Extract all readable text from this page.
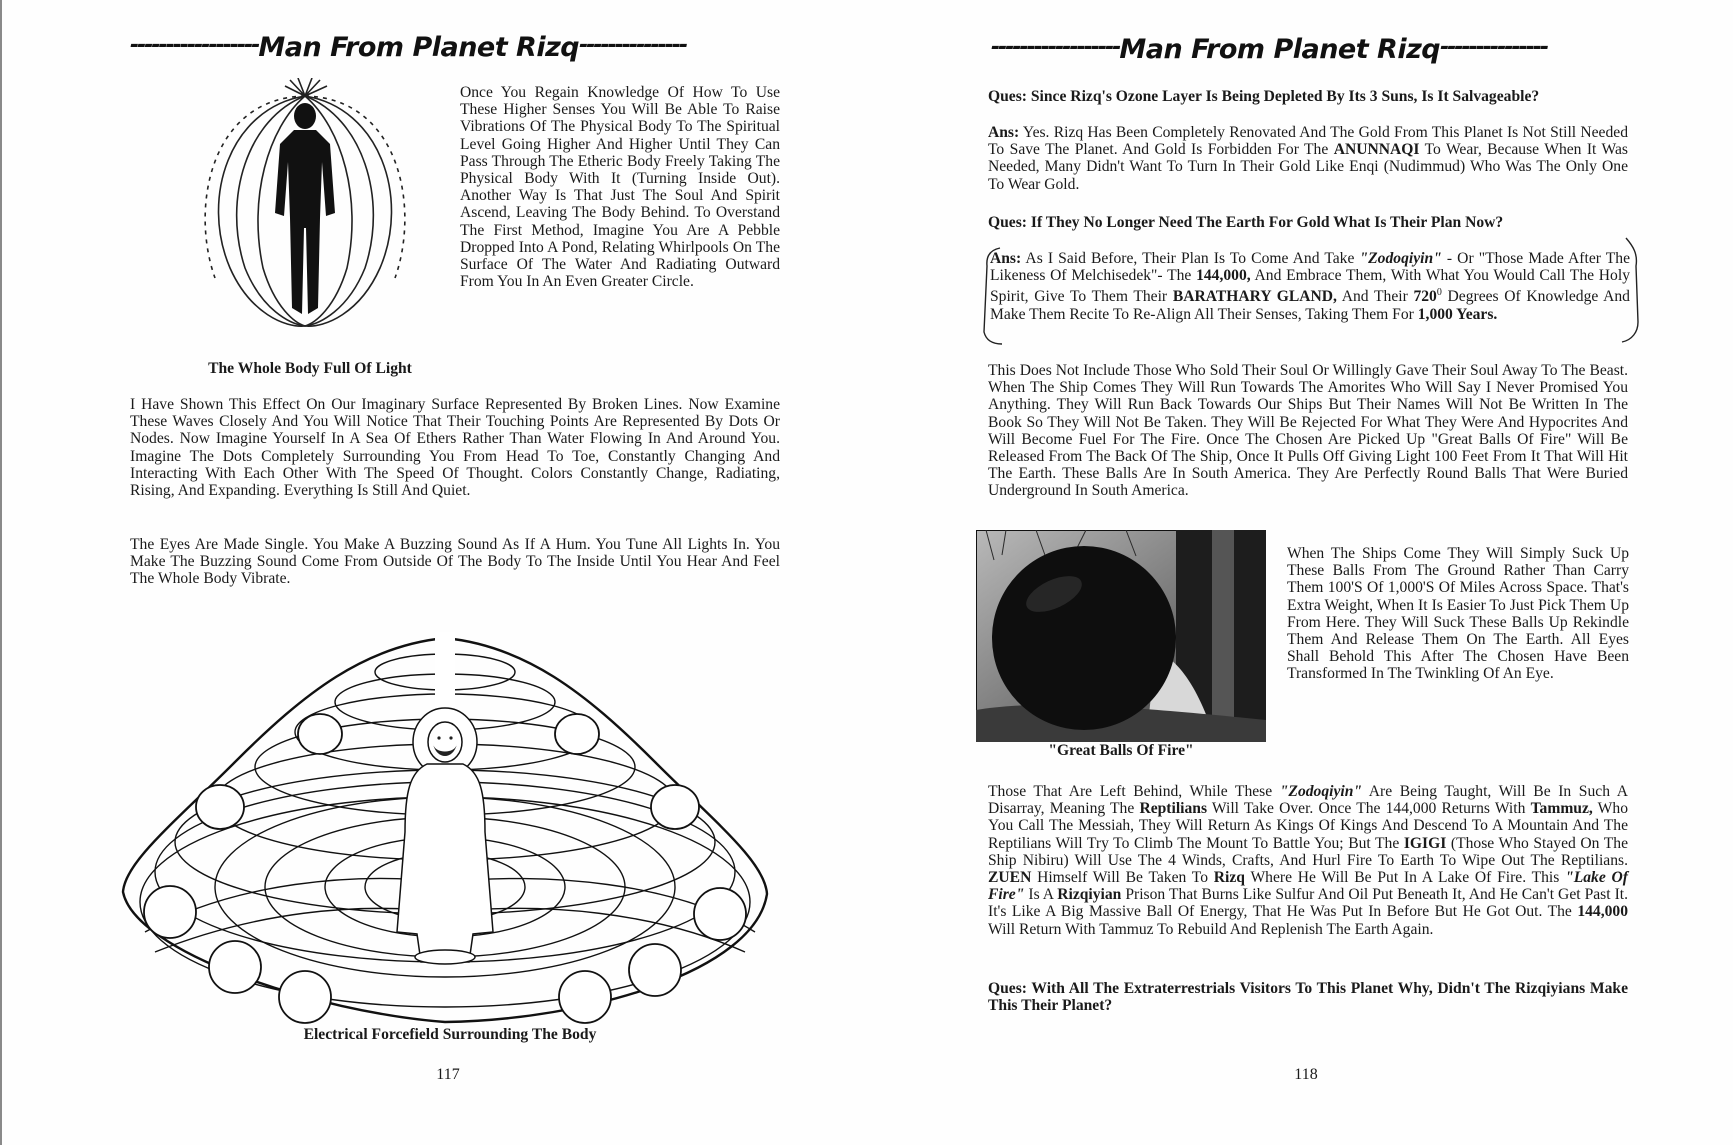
------------------Man From Planet Rizq---------------

Once You Regain Knowledge Of How To Use These Higher Senses You Will Be Able To Raise Vibrations Of The Physical Body To The Spiritual Level Going Higher And Higher Until They Can Pass Through The Etheric Body Freely Taking The Physical Body With It (Turning Inside Out). Another Way Is That Just The Soul And Spirit Ascend, Leaving The Body Behind. To Overstand The First Method, Imagine You Are A Pebble Dropped Into A Pond, Relating Whirlpools On The Surface Of The Water And Radiating Outward From You In An Even Greater Circle.

The Whole Body Full Of Light

I Have Shown This Effect On Our Imaginary Surface Represented By Broken Lines. Now Examine These Waves Closely And You Will Notice That Their Touching Points Are Represented By Dots Or Nodes. Now Imagine Yourself In A Sea Of Ethers Rather Than Water Flowing In And Around You. Imagine The Dots Completely Surrounding You From Head To Toe, Constantly Changing And Interacting With Each Other With The Speed Of Thought. Colors Constantly Change, Radiating, Rising, And Expanding. Everything Is Still And Quiet.

The Eyes Are Made Single. You Make A Buzzing Sound As If A Hum. You Tune All Lights In. You Make The Buzzing Sound Come From Outside Of The Body To The Inside Until You Hear And Feel The Whole Body Vibrate.

Electrical Forcefield Surrounding The Body

117
------------------Man From Planet Rizq---------------

Ques: Since Rizq's Ozone Layer Is Being Depleted By Its 3 Suns, Is It Salvageable?

Ans: Yes. Rizq Has Been Completely Renovated And The Gold From This Planet Is Not Still Needed To Save The Planet. And Gold Is Forbidden For The ANUNNAQI To Wear, Because When It Was Needed, Many Didn't Want To Turn In Their Gold Like Enqi (Nudimmud) Who Was The Only One To Wear Gold.

Ques: If They No Longer Need The Earth For Gold What Is Their Plan Now?

Ans: As I Said Before, Their Plan Is To Come And Take "Zodoqiyin" - Or "Those Made After The Likeness Of Melchisedek"- The 144,000, And Embrace Them, With What You Would Call The Holy Spirit, Give To Them Their BARATHARY GLAND, And Their $720^0$ Degrees Of Knowledge And Make Them Recite To Re-Align All Their Senses, Taking Them For 1,000 Years.

This Does Not Include Those Who Sold Their Soul Or Willingly Gave Their Soul Away To The Beast. When The Ship Comes They Will Run Towards The Amorites Who Will Say I Never Promised You Anything. They Will Run Back Towards Our Ships But Their Names Will Not Be Written In The Book So They Will Not Be Taken. They Will Be Rejected For What They Were And Hypocrites And Will Become Fuel For The Fire. Once The Chosen Are Picked Up "Great Balls Of Fire" Will Be Released From The Back Of The Ship, Once It Pulls Off Giving Light 100 Feet From It That Will Hit The Earth. These Balls Are In South America. They Are Perfectly Round Balls That Were Buried Underground In South America.

"Great Balls Of Fire"

When The Ships Come They Will Simply Suck Up These Balls From The Ground Rather Than Carry Them 100'S Of 1,000'S Of Miles Across Space. That's Extra Weight, When It Is Easier To Just Pick Them Up From Here. They Will Suck These Balls Up Rekindle Them And Release Them On The Earth. All Eyes Shall Behold This After The Chosen Have Been Transformed In The Twinkling Of An Eye.

Those That Are Left Behind, While These "Zodoqiyin" Are Being Taught, Will Be In Such A Disarray, Meaning The Reptilians Will Take Over. Once The 144,000 Returns With Tammuz, Who You Call The Messiah, They Will Return As Kings Of Kings And Descend To A Mountain And The Reptilians Will Try To Climb The Mount To Battle You; But The IGIGI (Those Who Stayed On The Ship Nibiru) Will Use The 4 Winds, Crafts, And Hurl Fire To Earth To Wipe Out The Reptilians. ZUEN Himself Will Be Taken To Rizq Where He Will Be Put In A Lake Of Fire. This "Lake Of Fire" Is A Rizqiyian Prison That Burns Like Sulfur And Oil Put Beneath It, And He Can't Get Past It. It's Like A Big Massive Ball Of Energy, That He Was Put In Before But He Got Out. The 144,000 Will Return With Tammuz To Rebuild And Replenish The Earth Again.

Ques: With All The Extraterrestrials Visitors To This Planet Why, Didn't The Rizqiyians Make This Their Planet?

118
